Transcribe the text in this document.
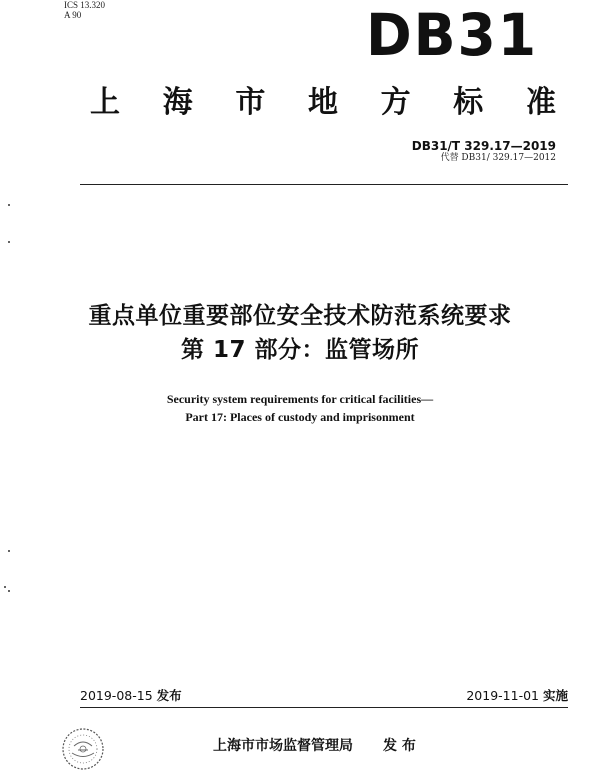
ICS 13.320
A 90	DB31
上 海 市 地 方 标 准
DB31/T 329.17—2019
代替 DB31/ 329.17—2012
重点单位重要部位安全技术防范系统要求
第 17 部分：监管场所
Security system requirements for critical facilities—
Part 17: Places of custody and imprisonment
2019-08-15 发布	2019-11-01 实施
上海市市场监督管理局 发 布
